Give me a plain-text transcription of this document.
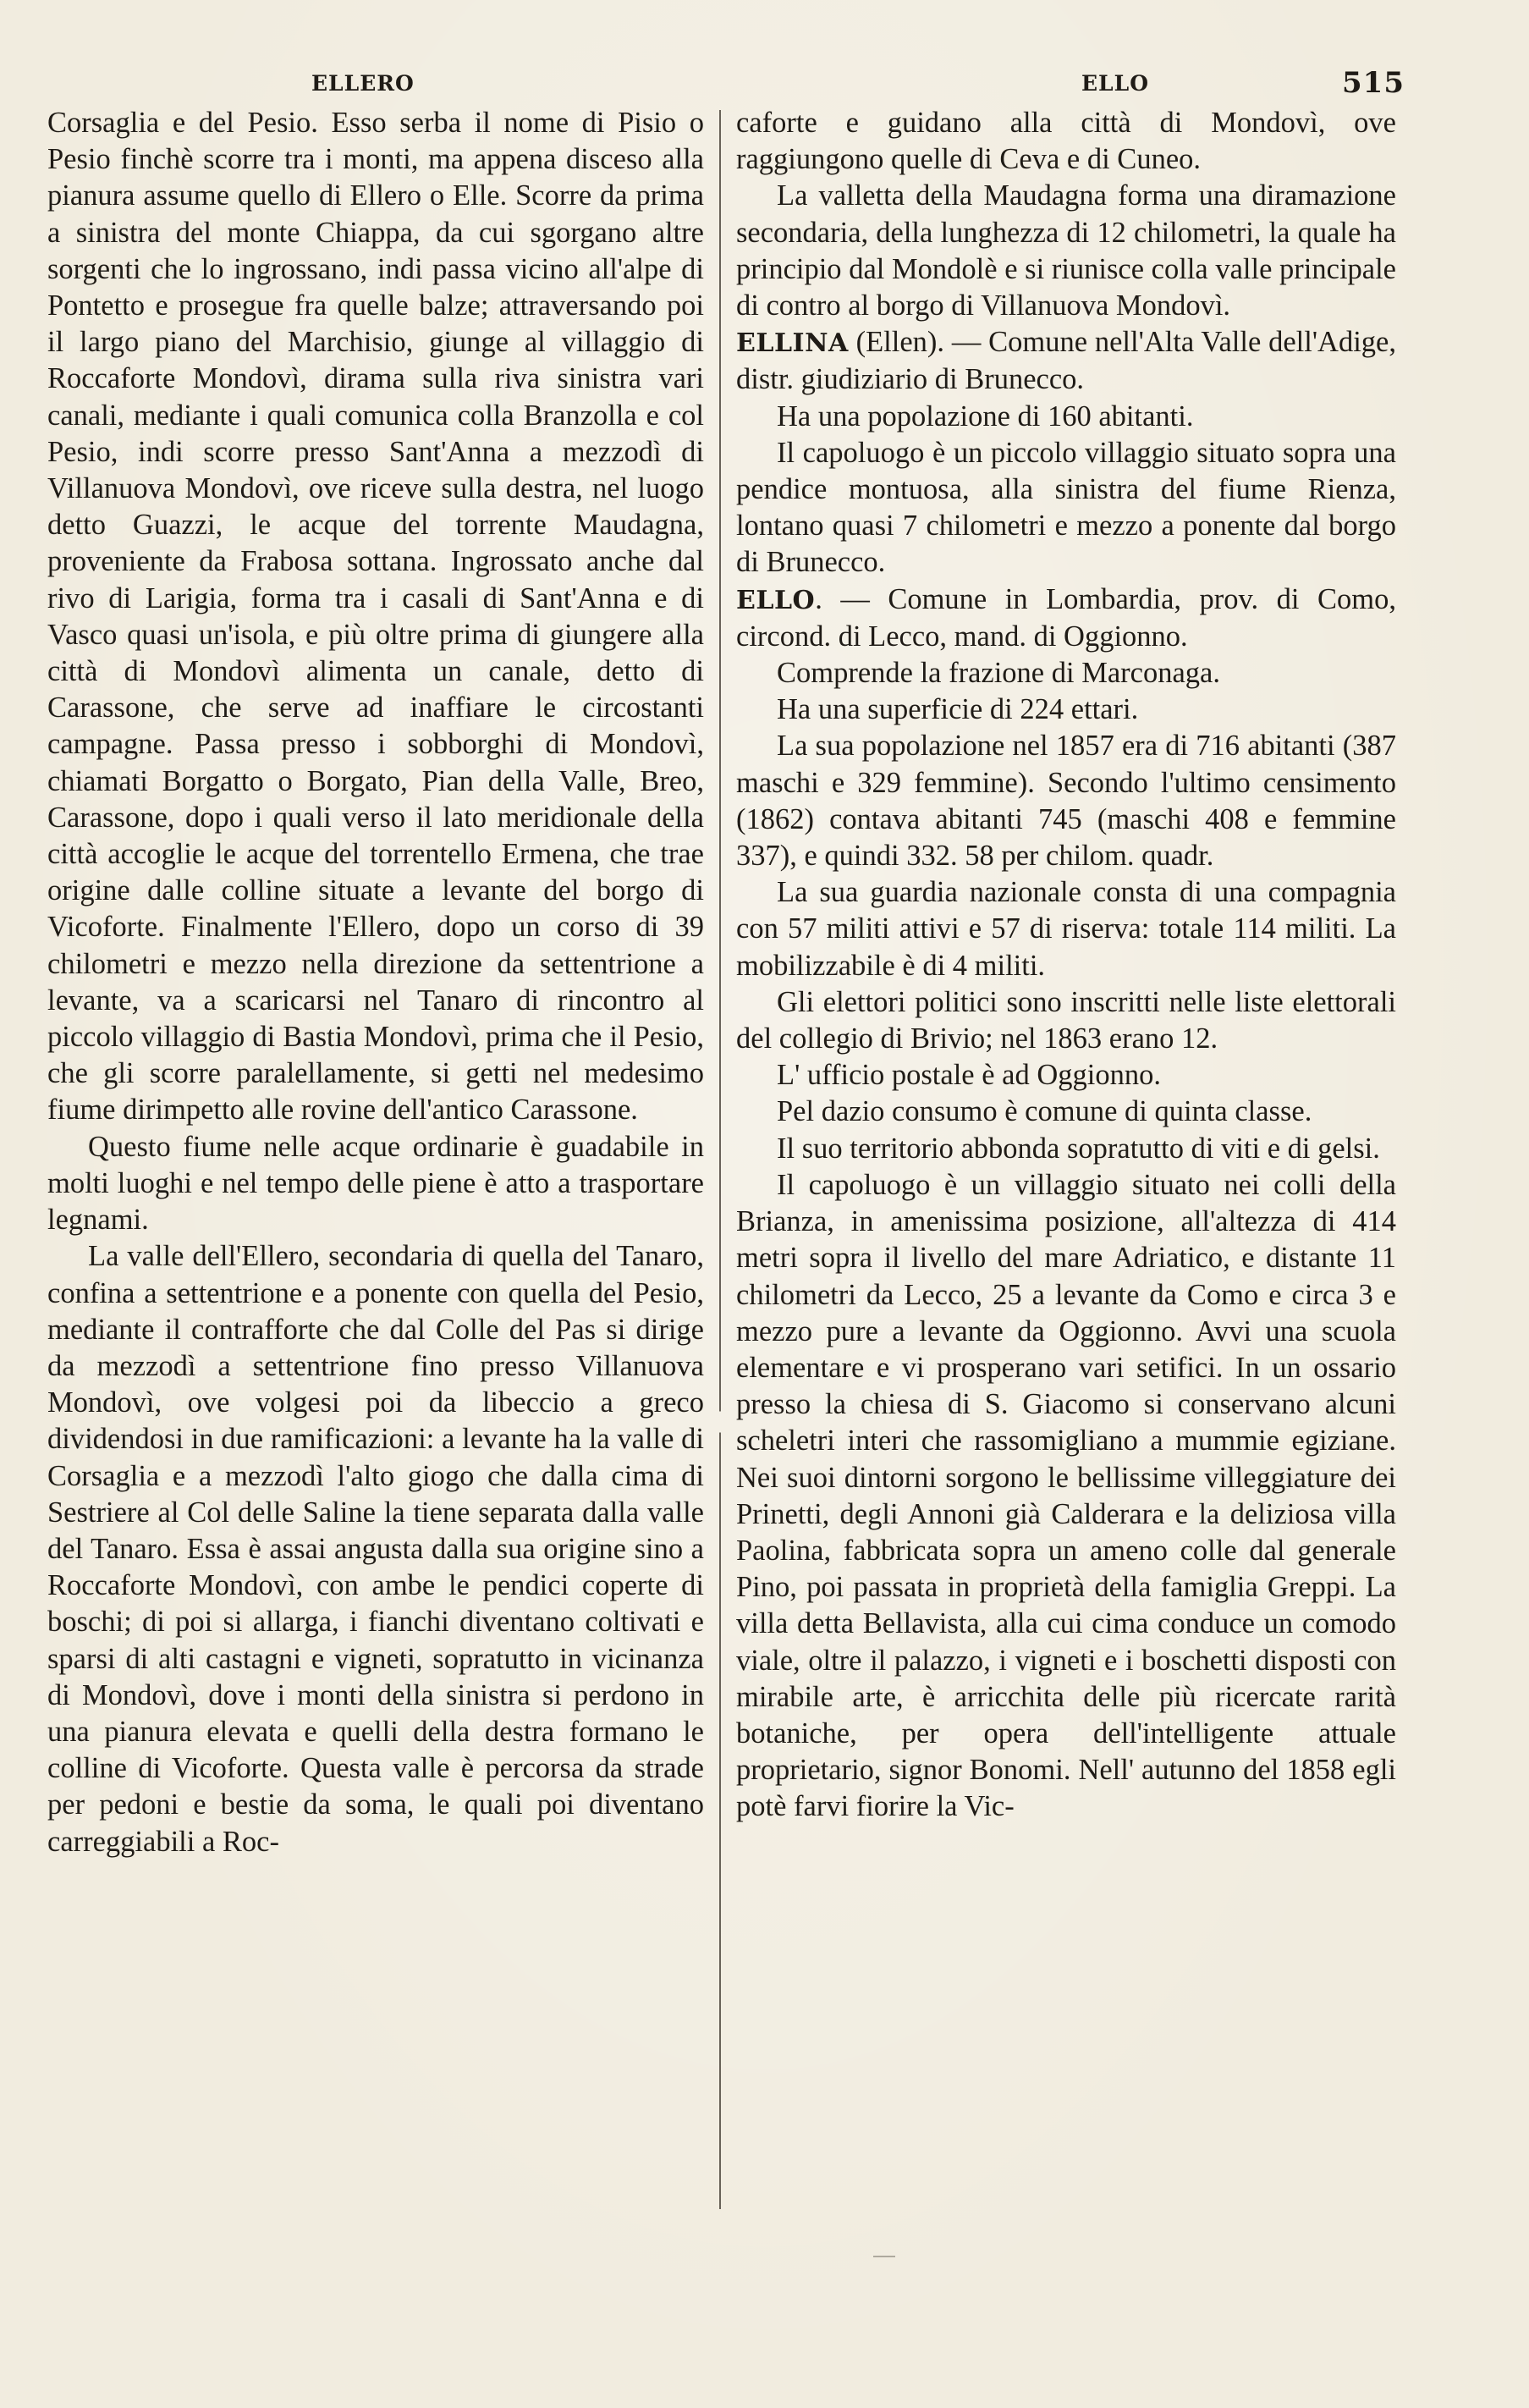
ELLERO	ELLO	515

Corsaglia e del Pesio. Esso serba il nome di Pisio o Pesio finchè scorre tra i monti, ma appena disceso alla pianura assume quello di Ellero o Elle. Scorre da prima a sinistra del monte Chiappa, da cui sgorgano altre sorgenti che lo ingrossano, indi passa vicino all'alpe di Pontetto e prosegue fra quelle balze; attraversando poi il largo piano del Marchisio, giunge al villaggio di Roccaforte Mondovì, dirama sulla riva sinistra vari canali, mediante i quali comunica colla Branzolla e col Pesio, indi scorre presso Sant'Anna a mezzodì di Villanuova Mondovì, ove riceve sulla destra, nel luogo detto Guazzi, le acque del torrente Maudagna, proveniente da Frabosa sottana. Ingrossato anche dal rivo di Larigia, forma tra i casali di Sant'Anna e di Vasco quasi un'isola, e più oltre prima di giungere alla città di Mondovì alimenta un canale, detto di Carassone, che serve ad inaffiare le circostanti campagne. Passa presso i sobborghi di Mondovì, chiamati Borgatto o Borgato, Pian della Valle, Breo, Carassone, dopo i quali verso il lato meridionale della città accoglie le acque del torrentello Ermena, che trae origine dalle colline situate a levante del borgo di Vicoforte. Finalmente l'Ellero, dopo un corso di 39 chilometri e mezzo nella direzione da settentrione a levante, va a scaricarsi nel Tanaro di rincontro al piccolo villaggio di Bastia Mondovì, prima che il Pesio, che gli scorre paralellamente, si getti nel medesimo fiume dirimpetto alle rovine dell'antico Carassone.

Questo fiume nelle acque ordinarie è guadabile in molti luoghi e nel tempo delle piene è atto a trasportare legnami.

La valle dell'Ellero, secondaria di quella del Tanaro, confina a settentrione e a ponente con quella del Pesio, mediante il contrafforte che dal Colle del Pas si dirige da mezzodì a settentrione fino presso Villanuova Mondovì, ove volgesi poi da libeccio a greco dividendosi in due ramificazioni: a levante ha la valle di Corsaglia e a mezzodì l'alto giogo che dalla cima di Sestriere al Col delle Saline la tiene separata dalla valle del Tanaro. Essa è assai angusta dalla sua origine sino a Roccaforte Mondovì, con ambe le pendici coperte di boschi; di poi si allarga, i fianchi diventano coltivati e sparsi di alti castagni e vigneti, sopratutto in vicinanza di Mondovì, dove i monti della sinistra si perdono in una pianura elevata e quelli della destra formano le colline di Vicoforte. Questa valle è percorsa da strade per pedoni e bestie da soma, le quali poi diventano carreggiabili a Roc-

caforte e guidano alla città di Mondovì, ove raggiungono quelle di Ceva e di Cuneo.

La valletta della Maudagna forma una diramazione secondaria, della lunghezza di 12 chilometri, la quale ha principio dal Mondolè e si riunisce colla valle principale di contro al borgo di Villanuova Mondovì.

ELLINA (Ellen). — Comune nell'Alta Valle dell'Adige, distr. giudiziario di Brunecco.

Ha una popolazione di 160 abitanti.

Il capoluogo è un piccolo villaggio situato sopra una pendice montuosa, alla sinistra del fiume Rienza, lontano quasi 7 chilometri e mezzo a ponente dal borgo di Brunecco.

ELLO. — Comune in Lombardia, prov. di Como, circond. di Lecco, mand. di Oggionno.

Comprende la frazione di Marconaga.

Ha una superficie di 224 ettari.

La sua popolazione nel 1857 era di 716 abitanti (387 maschi e 329 femmine). Secondo l'ultimo censimento (1862) contava abitanti 745 (maschi 408 e femmine 337), e quindi 332. 58 per chilom. quadr.

La sua guardia nazionale consta di una compagnia con 57 militi attivi e 57 di riserva: totale 114 militi. La mobilizzabile è di 4 militi.

Gli elettori politici sono inscritti nelle liste elettorali del collegio di Brivio; nel 1863 erano 12.

L' ufficio postale è ad Oggionno.

Pel dazio consumo è comune di quinta classe.

Il suo territorio abbonda sopratutto di viti e di gelsi.

Il capoluogo è un villaggio situato nei colli della Brianza, in amenissima posizione, all'altezza di 414 metri sopra il livello del mare Adriatico, e distante 11 chilometri da Lecco, 25 a levante da Como e circa 3 e mezzo pure a levante da Oggionno. Avvi una scuola elementare e vi prosperano vari setifici. In un ossario presso la chiesa di S. Giacomo si conservano alcuni scheletri interi che rassomigliano a mummie egiziane. Nei suoi dintorni sorgono le bellissime villeggiature dei Prinetti, degli Annoni già Calderara e la deliziosa villa Paolina, fabbricata sopra un ameno colle dal generale Pino, poi passata in proprietà della famiglia Greppi. La villa detta Bellavista, alla cui cima conduce un comodo viale, oltre il palazzo, i vigneti e i boschetti disposti con mirabile arte, è arricchita delle più ricercate rarità botaniche, per opera dell'intelligente attuale proprietario, signor Bonomi. Nell' autunno del 1858 egli potè farvi fiorire la Vic-
